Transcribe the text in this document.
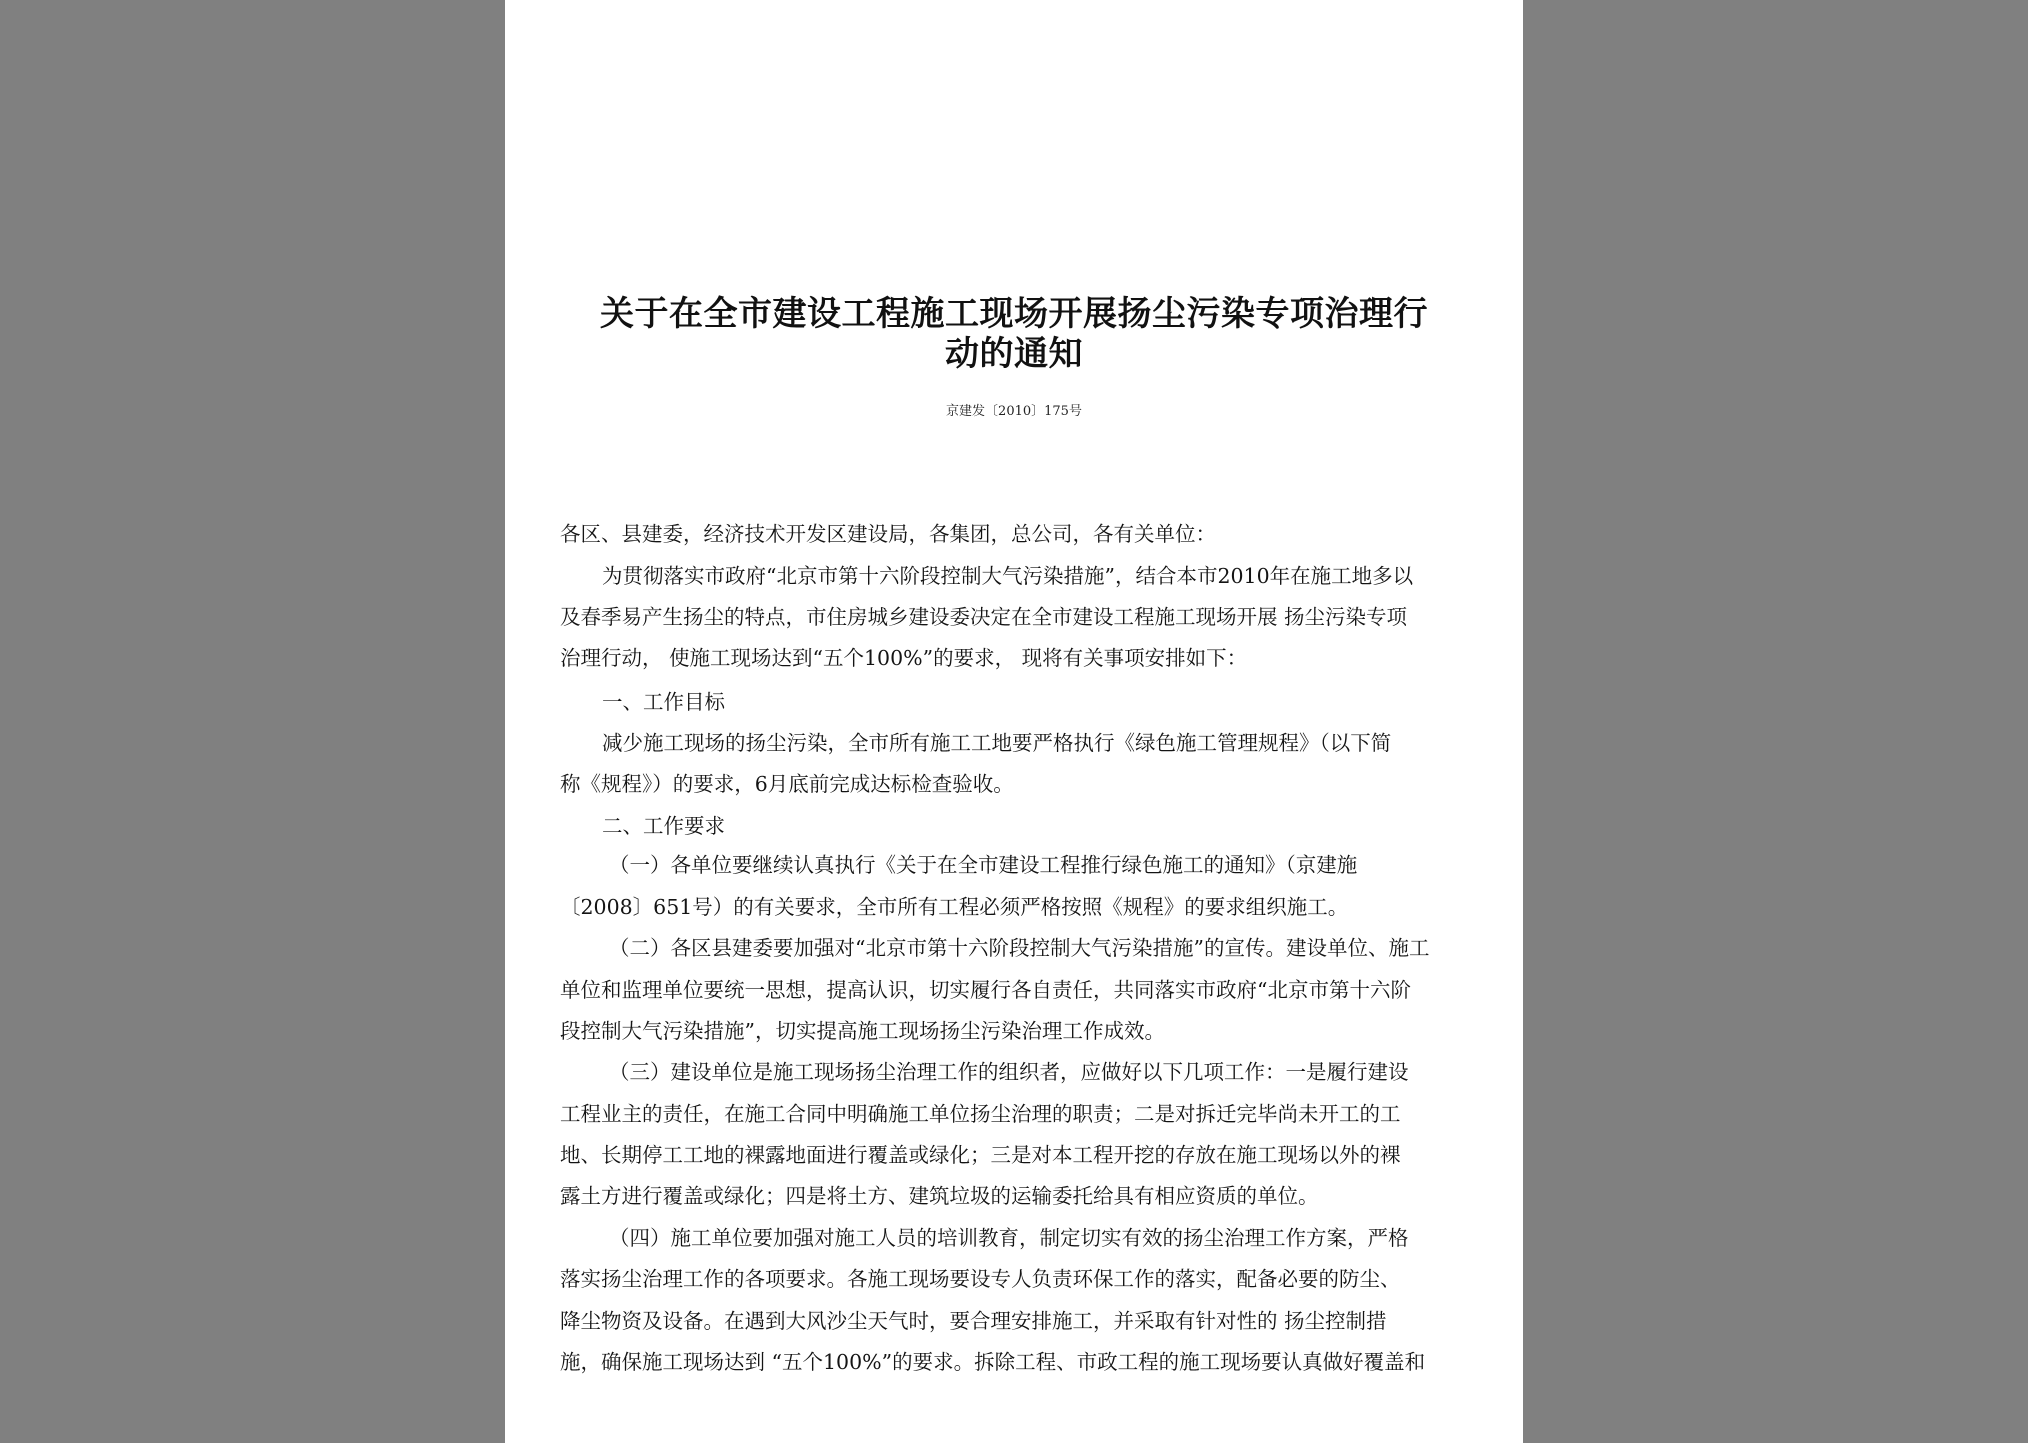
关于在全市建设工程施工现场开展扬尘污染专项治理行
动的通知
京建发〔2010〕175号
各区、县建委，经济技术开发区建设局，各集团，总公司，各有关单位：
为贯彻落实市政府“北京市第十六阶段控制大气污染措施”，结合本市2010年在施工地多以
及春季易产生扬尘的特点，市住房城乡建设委决定在全市建设工程施工现场开展 扬尘污染专项
治理行动， 使施工现场达到“五个100%”的要求， 现将有关事项安排如下：
一、工作目标
减少施工现场的扬尘污染，全市所有施工工地要严格执行《绿色施工管理规程》（以下简
称《规程》）的要求，6月底前完成达标检查验收。
二、工作要求
（一）各单位要继续认真执行《关于在全市建设工程推行绿色施工的通知》（京建施
〔2008〕651号）的有关要求，全市所有工程必须严格按照《规程》的要求组织施工。
（二）各区县建委要加强对“北京市第十六阶段控制大气污染措施”的宣传。建设单位、施工
单位和监理单位要统一思想，提高认识，切实履行各自责任，共同落实市政府“北京市第十六阶
段控制大气污染措施”，切实提高施工现场扬尘污染治理工作成效。
（三）建设单位是施工现场扬尘治理工作的组织者，应做好以下几项工作：一是履行建设
工程业主的责任，在施工合同中明确施工单位扬尘治理的职责；二是对拆迁完毕尚未开工的工
地、长期停工工地的裸露地面进行覆盖或绿化；三是对本工程开挖的存放在施工现场以外的裸
露土方进行覆盖或绿化；四是将土方、建筑垃圾的运输委托给具有相应资质的单位。
（四）施工单位要加强对施工人员的培训教育，制定切实有效的扬尘治理工作方案，严格
落实扬尘治理工作的各项要求。各施工现场要设专人负责环保工作的落实，配备必要的防尘、
降尘物资及设备。在遇到大风沙尘天气时，要合理安排施工，并采取有针对性的 扬尘控制措
施，确保施工现场达到 “五个100%”的要求。拆除工程、市政工程的施工现场要认真做好覆盖和
